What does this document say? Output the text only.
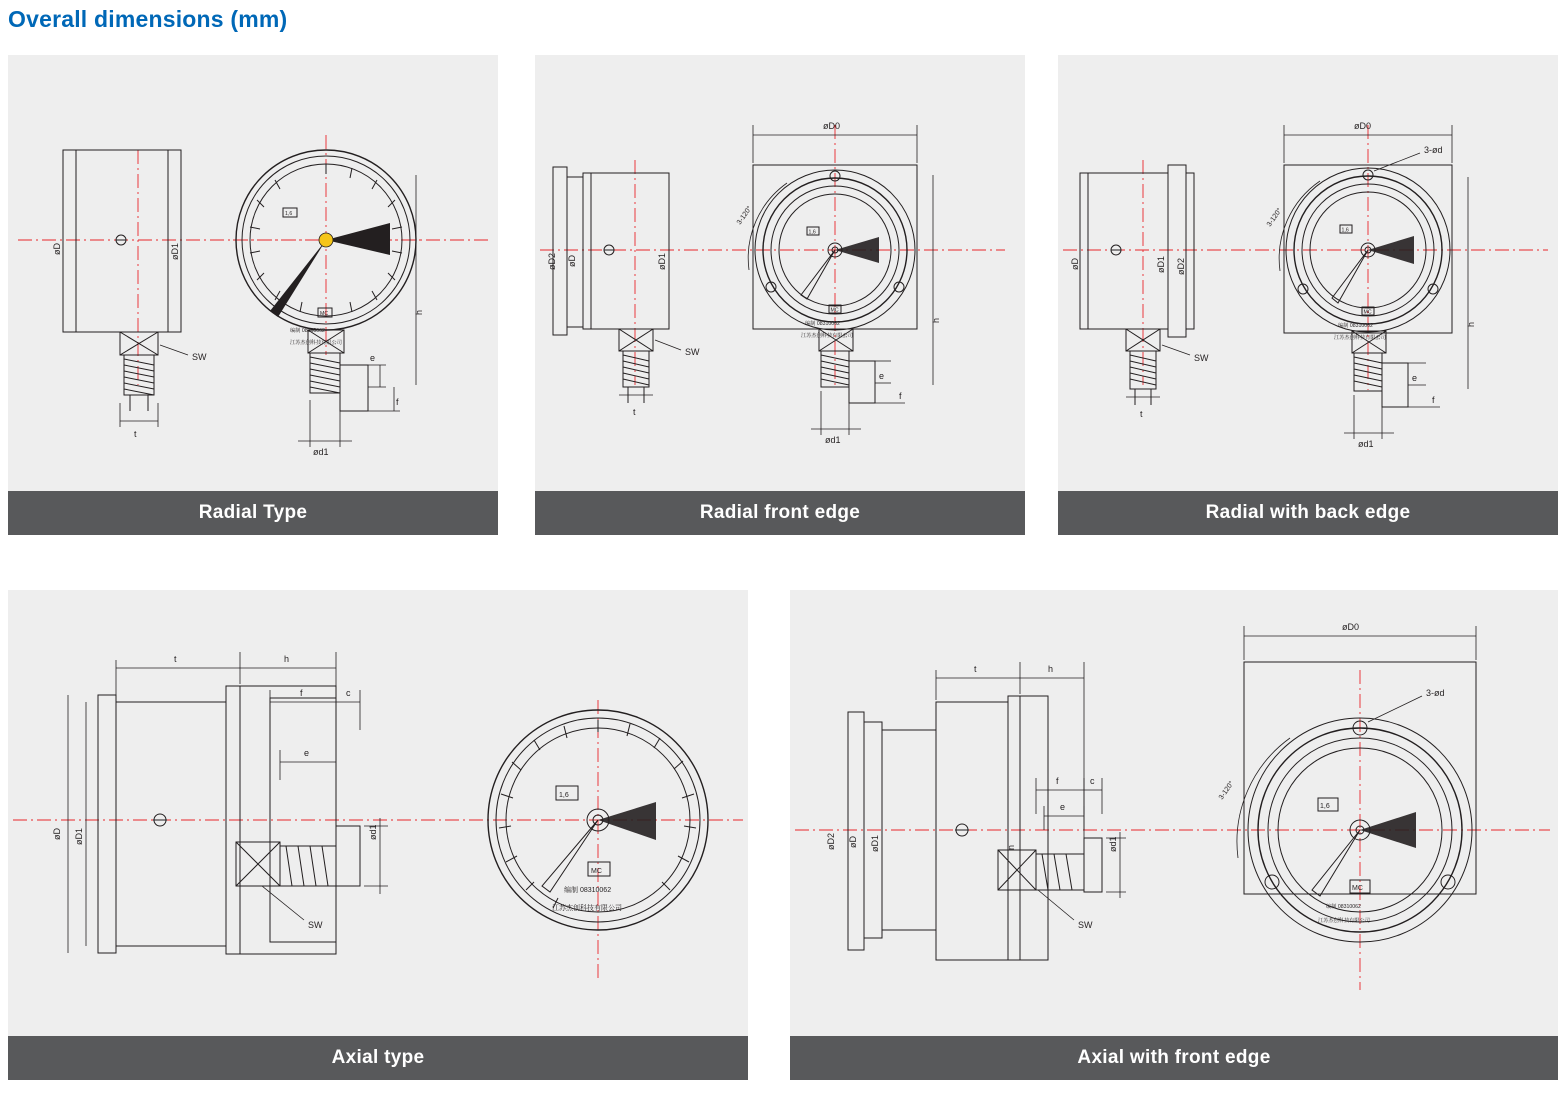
Overall dimensions (mm)
SW
øD	øD1
t
1,6
MC
编制 08310062
江苏杰创科技有限公司
e
f
ød1
h
Radial Type
t
øD2 øD	øD1
SW
3-120°
1,6
MC
编制 08310062
江苏杰创科技有限公司
øD0
e
f
ød1
h
Radial front edge
t
øD	øD1 øD2
SW
3-120°
3-ød
1,6
MC
编制 08310062
江苏杰创科技有限公司
øD0
e
f
ød1
h
Radial with back edge
SW
øD øD1
t	h
f	c
e
ød1
1,6
MC
编制 08310062
江苏杰创科技有限公司
Axial type
SW
øD2 øD øD1
t	h
f	c
e
n	ød1
3-120°
3-ød
1,6
MC
编制 08310062
江苏杰创科技有限公司
øD0
Axial with front edge
